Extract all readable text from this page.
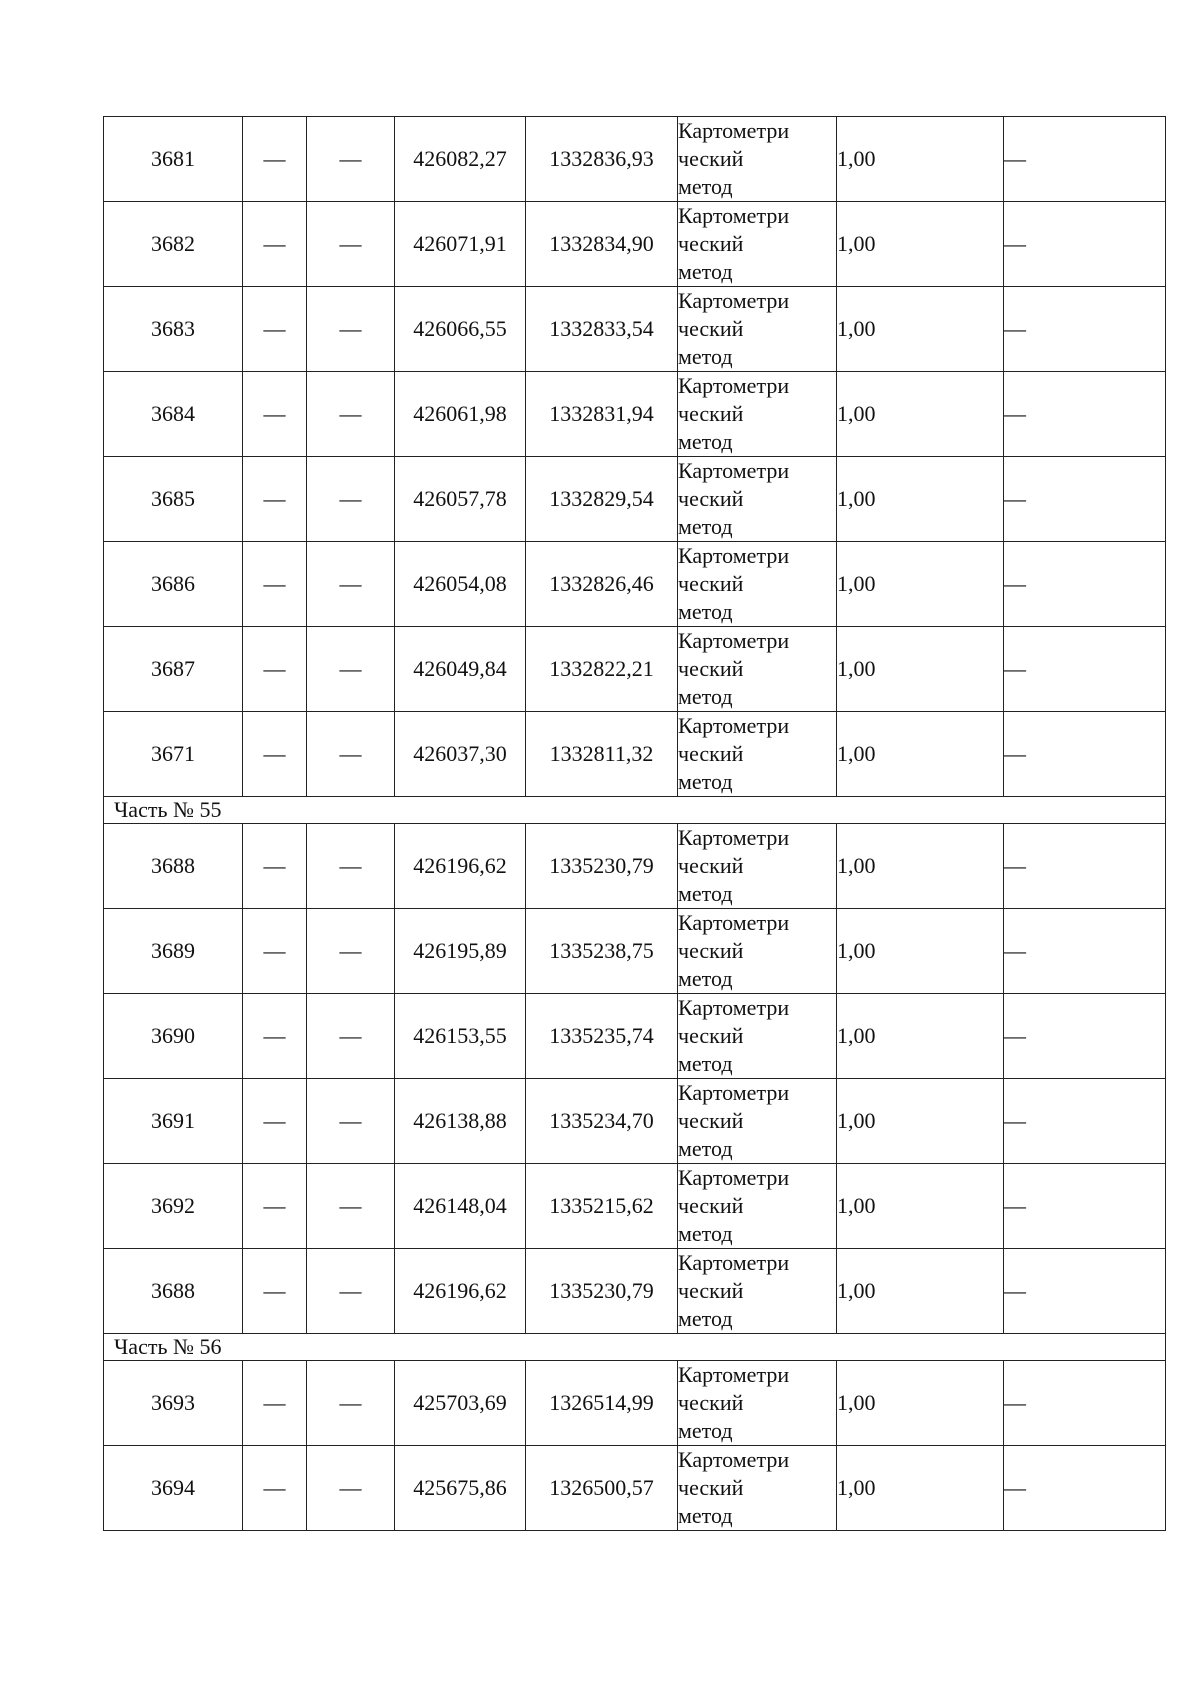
3681	—	—	426082,27	1332836,93	Картометри
ческий
метод	1,00	—
3682	—	—	426071,91	1332834,90	Картометри
ческий
метод	1,00	—
3683	—	—	426066,55	1332833,54	Картометри
ческий
метод	1,00	—
3684	—	—	426061,98	1332831,94	Картометри
ческий
метод	1,00	—
3685	—	—	426057,78	1332829,54	Картометри
ческий
метод	1,00	—
3686	—	—	426054,08	1332826,46	Картометри
ческий
метод	1,00	—
3687	—	—	426049,84	1332822,21	Картометри
ческий
метод	1,00	—
3671	—	—	426037,30	1332811,32	Картометри
ческий
метод	1,00	—
Часть № 55							
3688	—	—	426196,62	1335230,79	Картометри
ческий
метод	1,00	—
3689	—	—	426195,89	1335238,75	Картометри
ческий
метод	1,00	—
3690	—	—	426153,55	1335235,74	Картометри
ческий
метод	1,00	—
3691	—	—	426138,88	1335234,70	Картометри
ческий
метод	1,00	—
3692	—	—	426148,04	1335215,62	Картометри
ческий
метод	1,00	—
3688	—	—	426196,62	1335230,79	Картометри
ческий
метод	1,00	—
Часть № 56							
3693	—	—	425703,69	1326514,99	Картометри
ческий
метод	1,00	—
3694	—	—	425675,86	1326500,57	Картометри
ческий
метод	1,00	—
